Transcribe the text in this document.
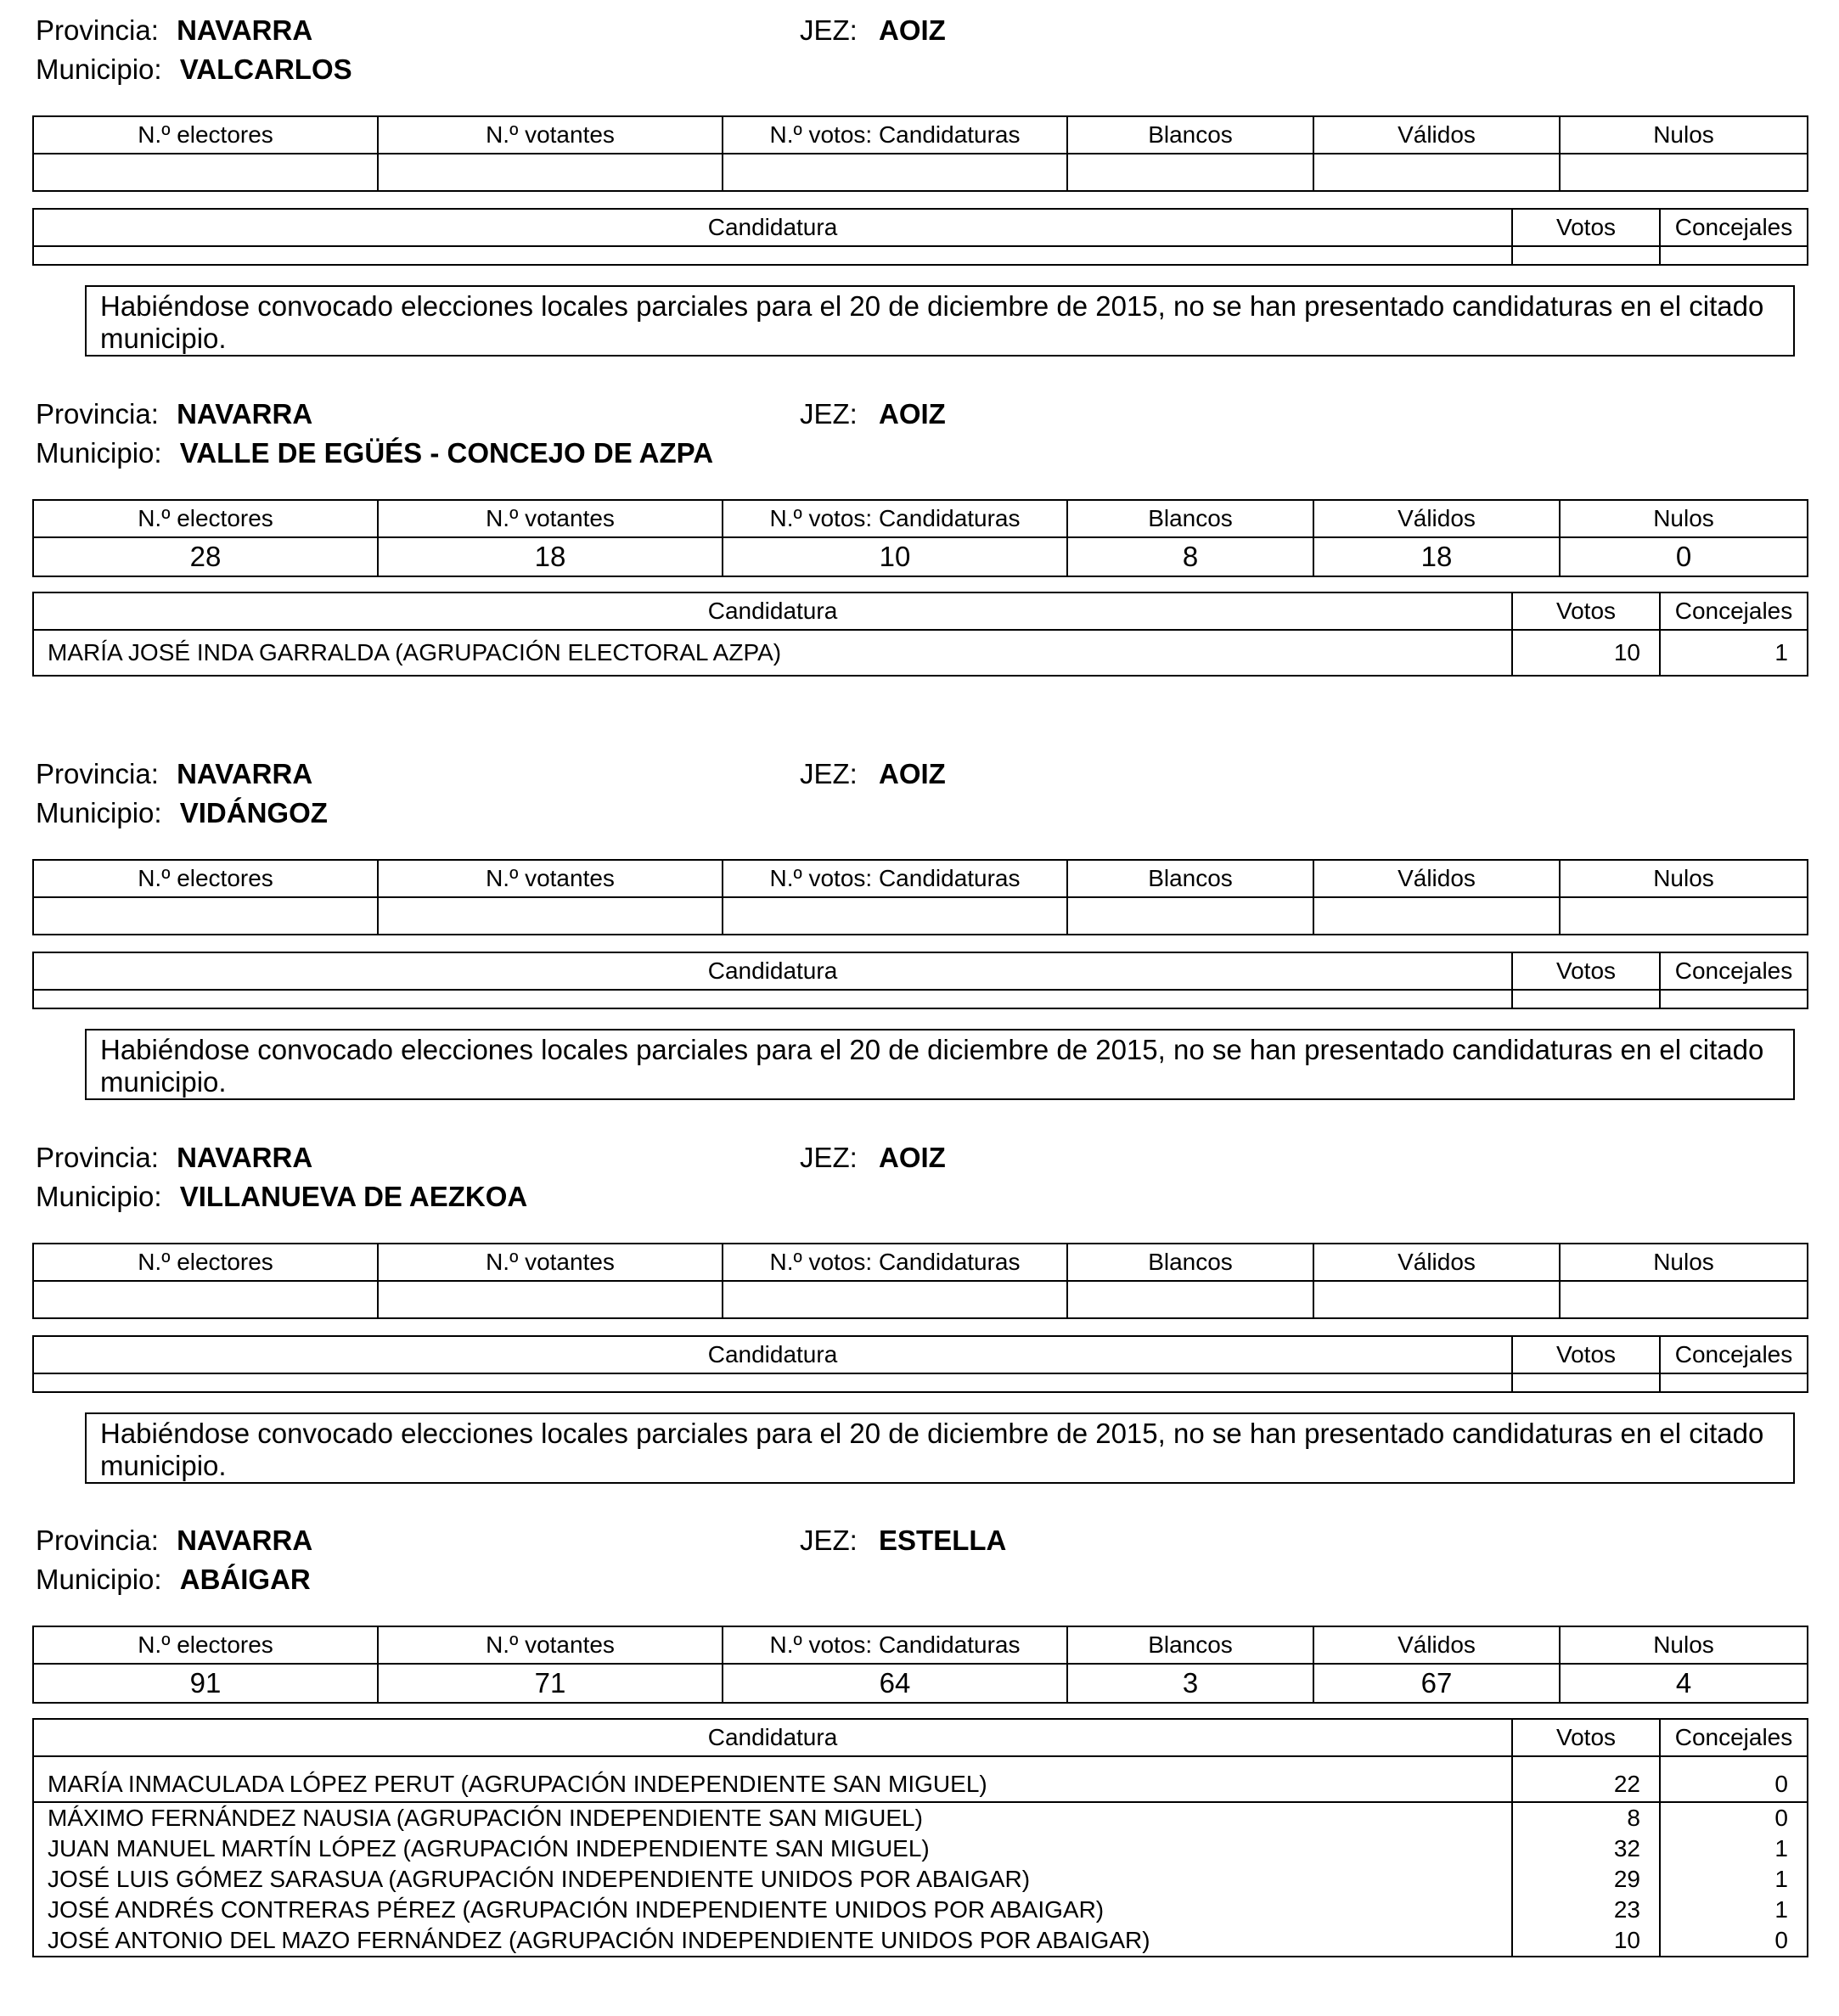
Provincia: NAVARRA	JEZ: AOIZ
Municipio: VALCARLOS
N.º electores	N.º votantes	N.º votos: Candidaturas	Blancos	Válidos	Nulos

Candidatura	Votos	Concejales

Habiéndose convocado elecciones locales parciales para el 20 de diciembre de 2015, no se han presentado candidaturas en el citado municipio.
Provincia: NAVARRA	JEZ: AOIZ
Municipio: VALLE DE EGÜÉS - CONCEJO DE AZPA
N.º electores	N.º votantes	N.º votos: Candidaturas	Blancos	Válidos	Nulos
28	18	10	8	18	0
Candidatura	Votos	Concejales
MARÍA JOSÉ INDA GARRALDA (AGRUPACIÓN ELECTORAL AZPA)	10	1
Provincia: NAVARRA	JEZ: AOIZ
Municipio: VIDÁNGOZ
N.º electores	N.º votantes	N.º votos: Candidaturas	Blancos	Válidos	Nulos

Candidatura	Votos	Concejales

Habiéndose convocado elecciones locales parciales para el 20 de diciembre de 2015, no se han presentado candidaturas en el citado municipio.
Provincia: NAVARRA	JEZ: AOIZ
Municipio: VILLANUEVA DE AEZKOA
N.º electores	N.º votantes	N.º votos: Candidaturas	Blancos	Válidos	Nulos

Candidatura	Votos	Concejales

Habiéndose convocado elecciones locales parciales para el 20 de diciembre de 2015, no se han presentado candidaturas en el citado municipio.
Provincia: NAVARRA	JEZ: ESTELLA
Municipio: ABÁIGAR
N.º electores	N.º votantes	N.º votos: Candidaturas	Blancos	Válidos	Nulos
91	71	64	3	67	4
Candidatura	Votos	Concejales
MARÍA INMACULADA LÓPEZ PERUT (AGRUPACIÓN INDEPENDIENTE SAN MIGUEL)	22	0
MÁXIMO FERNÁNDEZ NAUSIA (AGRUPACIÓN INDEPENDIENTE SAN MIGUEL)	8	0
JUAN MANUEL MARTÍN LÓPEZ (AGRUPACIÓN INDEPENDIENTE SAN MIGUEL)	32	1
JOSÉ LUIS GÓMEZ SARASUA (AGRUPACIÓN INDEPENDIENTE UNIDOS POR ABAIGAR)	29	1
JOSÉ ANDRÉS CONTRERAS PÉREZ (AGRUPACIÓN INDEPENDIENTE UNIDOS POR ABAIGAR)	23	1
JOSÉ ANTONIO DEL MAZO FERNÁNDEZ (AGRUPACIÓN INDEPENDIENTE UNIDOS POR ABAIGAR)	10	0
